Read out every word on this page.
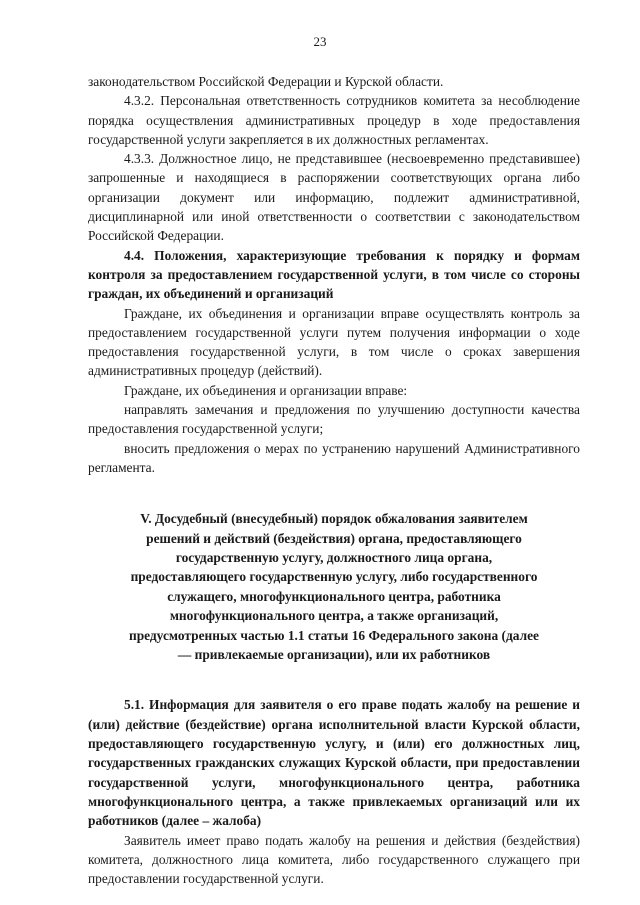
23

законодательством Российской Федерации и Курской области.

4.3.2. Персональная ответственность сотрудников комитета за несоблюдение порядка осуществления административных процедур в ходе предоставления государственной услуги закрепляется в их должностных регламентах.

4.3.3. Должностное лицо, не представившее (несвоевременно представившее) запрошенные и находящиеся в распоряжении соответствующих органа либо организации документ или информацию, подлежит административной, дисциплинарной или иной ответственности о соответствии с законодательством Российской Федерации.

4.4. Положения, характеризующие требования к порядку и формам контроля за предоставлением государственной услуги, в том числе со стороны граждан, их объединений и организаций

Граждане, их объединения и организации вправе осуществлять контроль за предоставлением государственной услуги путем получения информации о ходе предоставления государственной услуги, в том числе о сроках завершения административных процедур (действий).

Граждане, их объединения и организации вправе:

направлять замечания и предложения по улучшению доступности качества предоставления государственной услуги;

вносить предложения о мерах по устранению нарушений Административного регламента.

V. Досудебный (внесудебный) порядок обжалования заявителем
решений и действий (бездействия) органа, предоставляющего
государственную услугу, должностного лица органа,
предоставляющего государственную услугу, либо государственного
служащего, многофункционального центра, работника
многофункционального центра, а также организаций,
предусмотренных частью 1.1 статьи 16 Федерального закона (далее
— привлекаемые организации), или их работников

5.1. Информация для заявителя о его праве подать жалобу на решение и (или) действие (бездействие) органа исполнительной власти Курской области, предоставляющего государственную услугу, и (или) его должностных лиц, государственных гражданских служащих Курской области, при предоставлении государственной услуги, многофункционального центра, работника многофункционального центра, а также привлекаемых организаций или их работников (далее – жалоба)

Заявитель имеет право подать жалобу на решения и действия (бездействия) комитета, должностного лица комитета, либо государственного служащего при предоставлении государственной услуги.
